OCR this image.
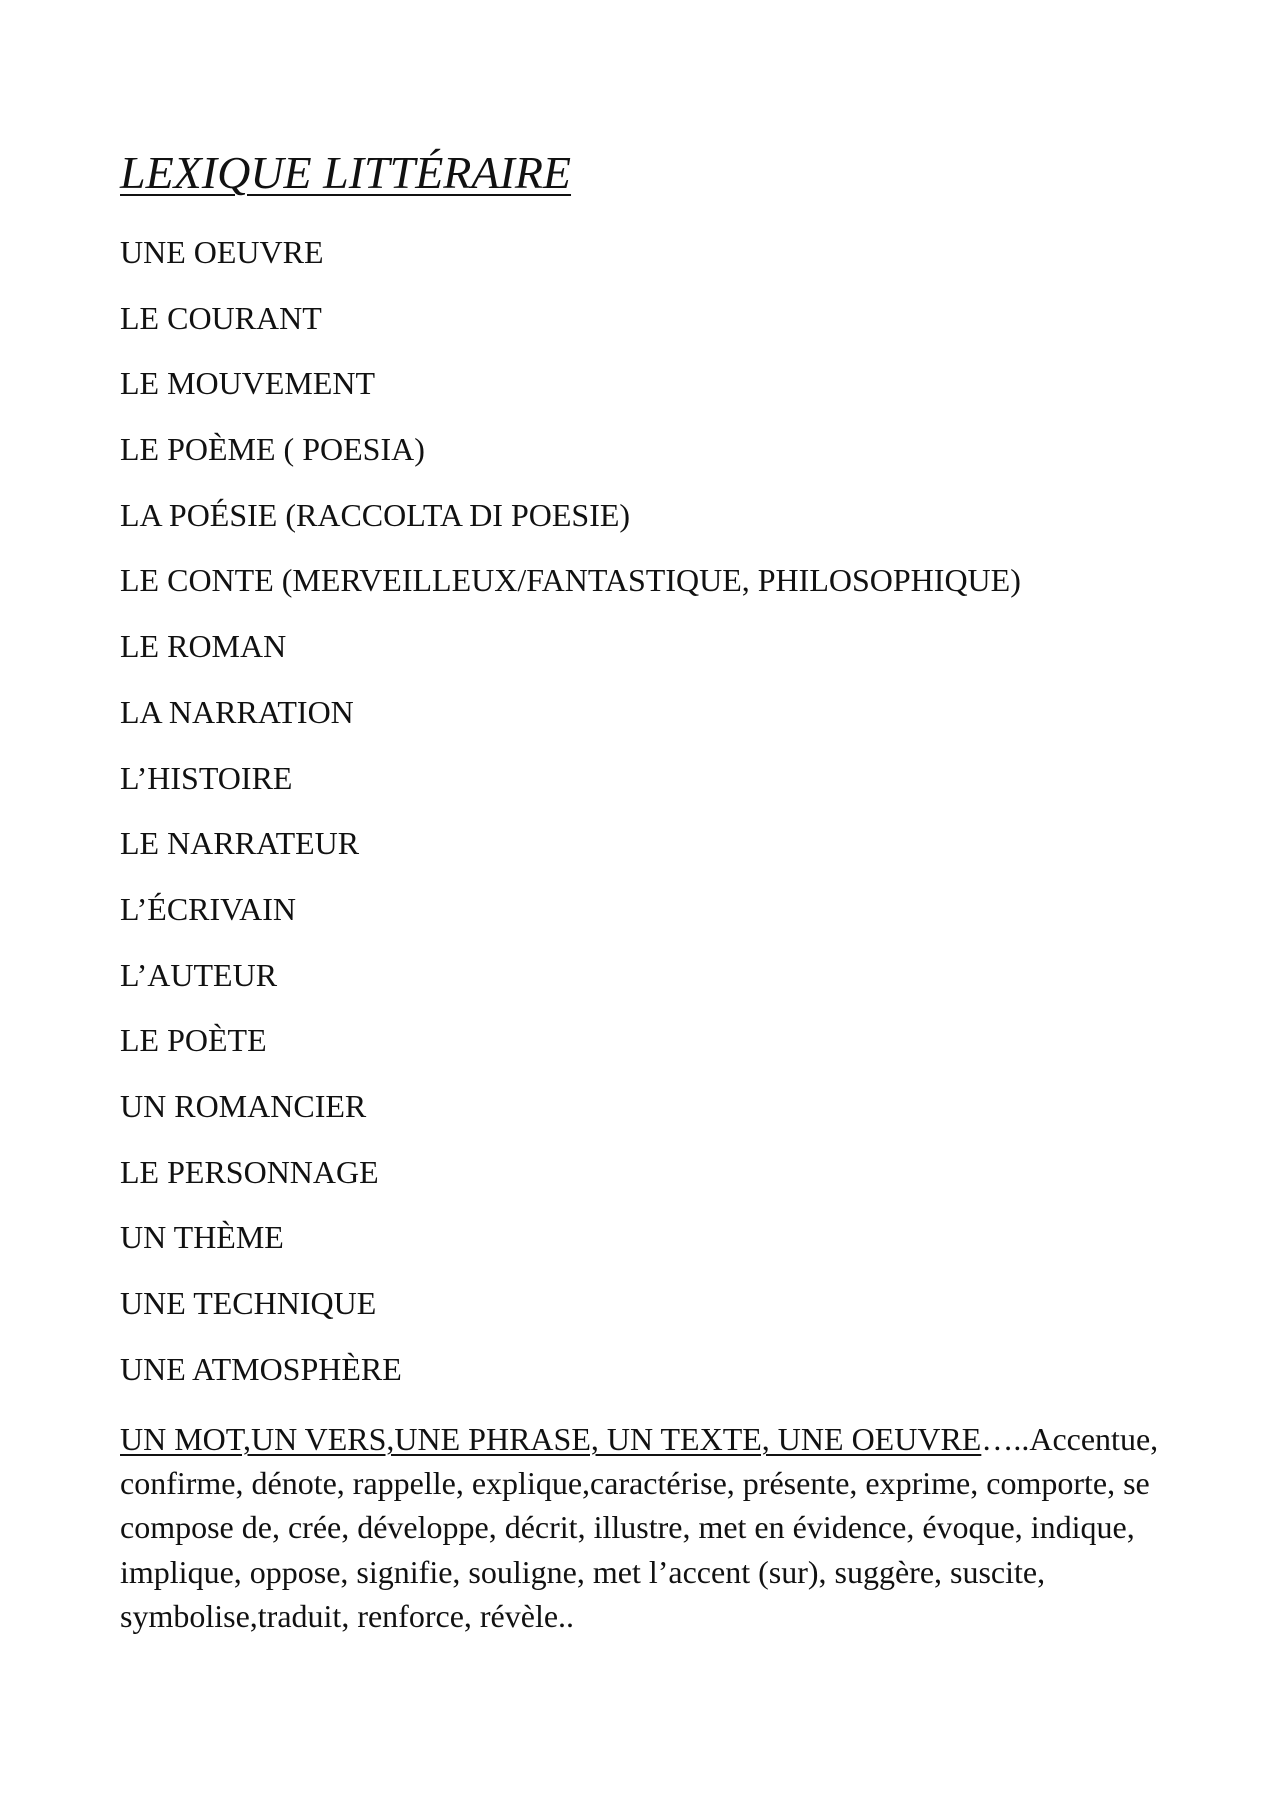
LEXIQUE LITTÉRAIRE
UNE OEUVRE
LE COURANT
LE MOUVEMENT
LE POÈME ( POESIA)
LA POÉSIE (RACCOLTA DI POESIE)
LE CONTE (MERVEILLEUX/FANTASTIQUE, PHILOSOPHIQUE)
LE ROMAN
LA NARRATION
L’HISTOIRE
LE NARRATEUR
L’ÉCRIVAIN
L’AUTEUR
LE POÈTE
UN ROMANCIER
LE PERSONNAGE
UN THÈME
UNE TECHNIQUE
UNE ATMOSPHÈRE

UN MOT,UN VERS,UNE PHRASE, UN TEXTE, UNE OEUVRE…..Accentue, confirme, dénote, rappelle, explique,caractérise, présente, exprime, comporte, se compose de, crée, développe, décrit, illustre, met en évidence, évoque, indique, implique, oppose, signifie, souligne, met l’accent (sur), suggère, suscite, symbolise,traduit, renforce, révèle..
